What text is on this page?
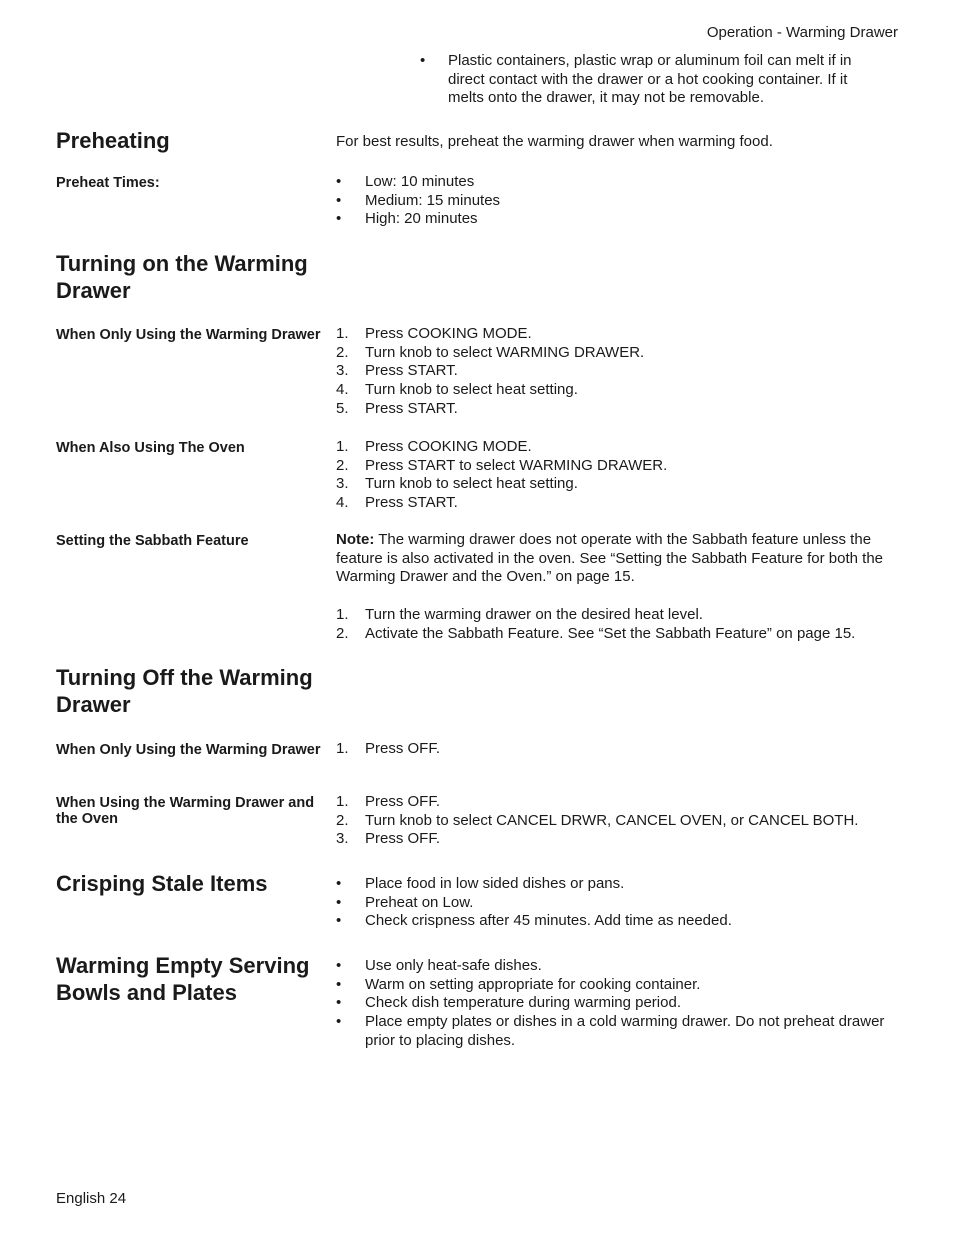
Operation - Warming Drawer
• Plastic containers, plastic wrap or aluminum foil can melt if in direct contact with the drawer or a hot cooking container. If it melts onto the drawer, it may not be removable.
Preheating	For best results, preheat the warming drawer when warming food.
Preheat Times:	• Low: 10 minutes
• Medium: 15 minutes
• High: 20 minutes
Turning on the Warming Drawer
When Only Using the Warming Drawer 1. Press COOKING MODE.
2. Turn knob to select WARMING DRAWER.
3. Press START.
4. Turn knob to select heat setting.
5. Press START.
When Also Using The Oven	1. Press COOKING MODE.
2. Press START to select WARMING DRAWER.
3. Turn knob to select heat setting.
4. Press START.
Setting the Sabbath Feature	Note: The warming drawer does not operate with the Sabbath feature unless the feature is also activated in the oven. See “Setting the Sabbath Feature for both the Warming Drawer and the Oven.” on page 15.
1. Turn the warming drawer on the desired heat level.
2. Activate the Sabbath Feature. See “Set the Sabbath Feature” on page 15.
Turning Off the Warming Drawer
When Only Using the Warming Drawer 1. Press OFF.
When Using the Warming Drawer and the Oven
1. Press OFF.
2. Turn knob to select CANCEL DRWR, CANCEL OVEN, or CANCEL BOTH.
3. Press OFF.
Crisping Stale Items	• Place food in low sided dishes or pans.
• Preheat on Low.
• Check crispness after 45 minutes. Add time as needed.
Warming Empty Serving Bowls and Plates
• Use only heat-safe dishes.
• Warm on setting appropriate for cooking container.
• Check dish temperature during warming period.
• Place empty plates or dishes in a cold warming drawer. Do not preheat drawer prior to placing dishes.
English 24
